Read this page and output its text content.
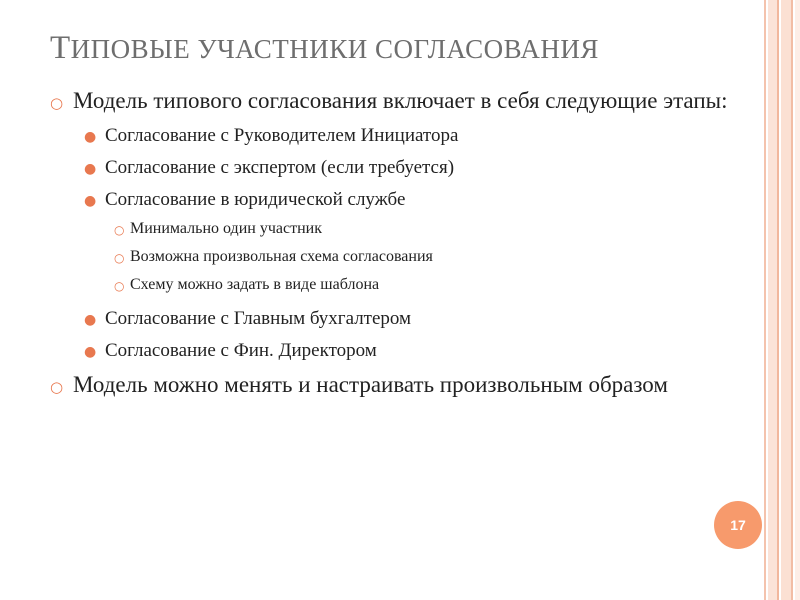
ТИПОВЫЕ УЧАСТНИКИ СОГЛАСОВАНИЯ
○ Модель типового согласования включает в себя следующие этапы:
● Согласование с Руководителем Инициатора
● Согласование с экспертом (если требуется)
● Согласование в юридической службе
○ Минимально один участник
○ Возможна произвольная схема согласования
○ Схему можно задать в виде шаблона
● Согласование с Главным бухгалтером
● Согласование с Фин. Директором
○ Модель можно менять и настраивать произвольным образом
17
